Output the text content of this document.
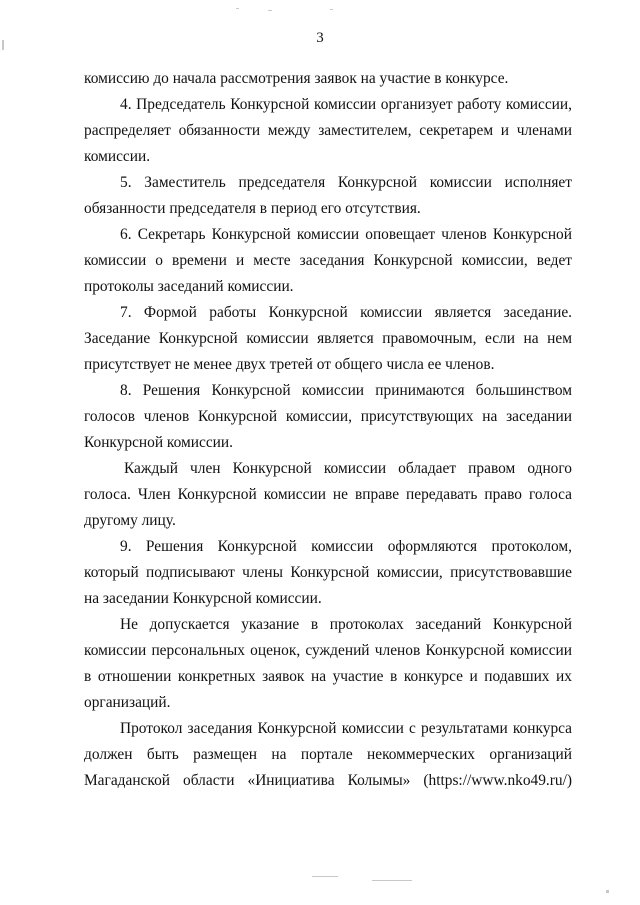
3

комиссию до начала рассмотрения заявок на участие в конкурсе.

4. Председатель Конкурсной комиссии организует работу комиссии, распределяет обязанности между заместителем, секретарем и членами комиссии.

5. Заместитель председателя Конкурсной комиссии исполняет обязанности председателя в период его отсутствия.

6. Секретарь Конкурсной комиссии оповещает членов Конкурсной комиссии о времени и месте заседания Конкурсной комиссии, ведет протоколы заседаний комиссии.

7. Формой работы Конкурсной комиссии является заседание. Заседание Конкурсной комиссии является правомочным, если на нем присутствует не менее двух третей от общего числа ее членов.

8. Решения Конкурсной комиссии принимаются большинством голосов членов Конкурсной комиссии, присутствующих на заседании Конкурсной комиссии.

Каждый член Конкурсной комиссии обладает правом одного голоса. Член Конкурсной комиссии не вправе передавать право голоса другому лицу.

9. Решения Конкурсной комиссии оформляются протоколом, который подписывают члены Конкурсной комиссии, присутствовавшие на заседании Конкурсной комиссии.

Не допускается указание в протоколах заседаний Конкурсной комиссии персональных оценок, суждений членов Конкурсной комиссии в отношении конкретных заявок на участие в конкурсе и подавших их организаций.

Протокол заседания Конкурсной комиссии с результатами конкурса должен быть размещен на портале некоммерческих организаций Магаданской области «Инициатива Колымы» (https://www.nko49.ru/)
